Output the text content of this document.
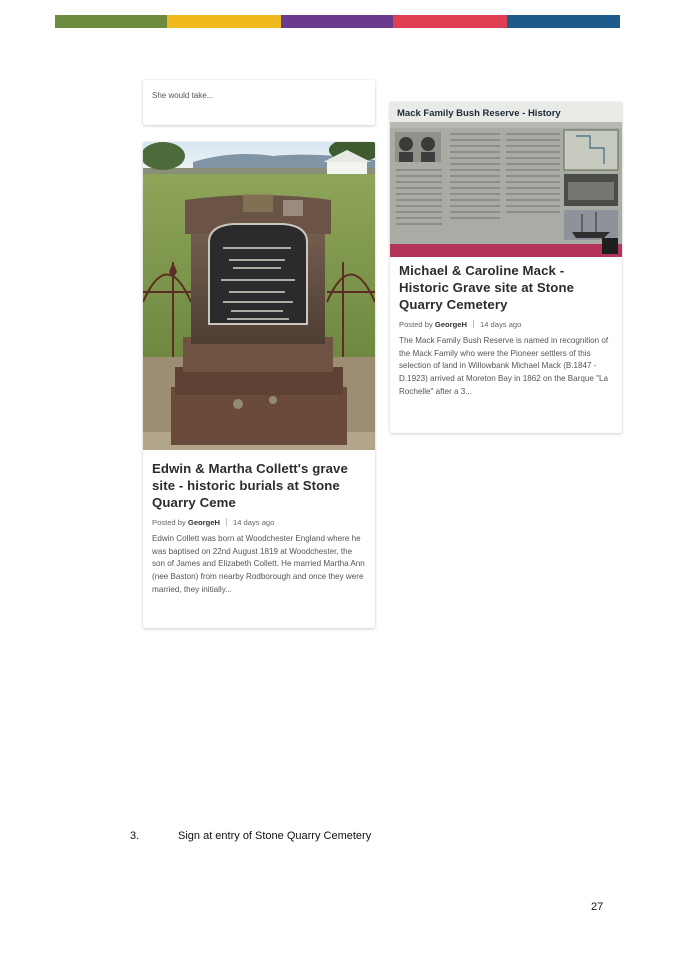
She would take...
Edwin & Martha Collett's grave site - historic burials at Stone Quarry Ceme
Posted by GeorgeH 14 days ago
Edwin Collett was born at Woodchester England where he was baptised on 22nd August 1819 at Woodchester, the son of James and Elizabeth Collett. He married Martha Ann (nee Baston) from nearby Rodborough and once they were married, they initially...
Mack Family Bush Reserve - History
Michael & Caroline Mack - Historic Grave site at Stone Quarry Cemetery
Posted by GeorgeH 14 days ago
The Mack Family Bush Reserve is named in recognition of the Mack Family who were the Pioneer settlers of this selection of land in Willowbank Michael Mack (B.1847 - D.1923) arrived at Moreton Bay in 1862 on the Barque "La Rochelle" after a 3...
3.	Sign at entry of Stone Quarry Cemetery
27
